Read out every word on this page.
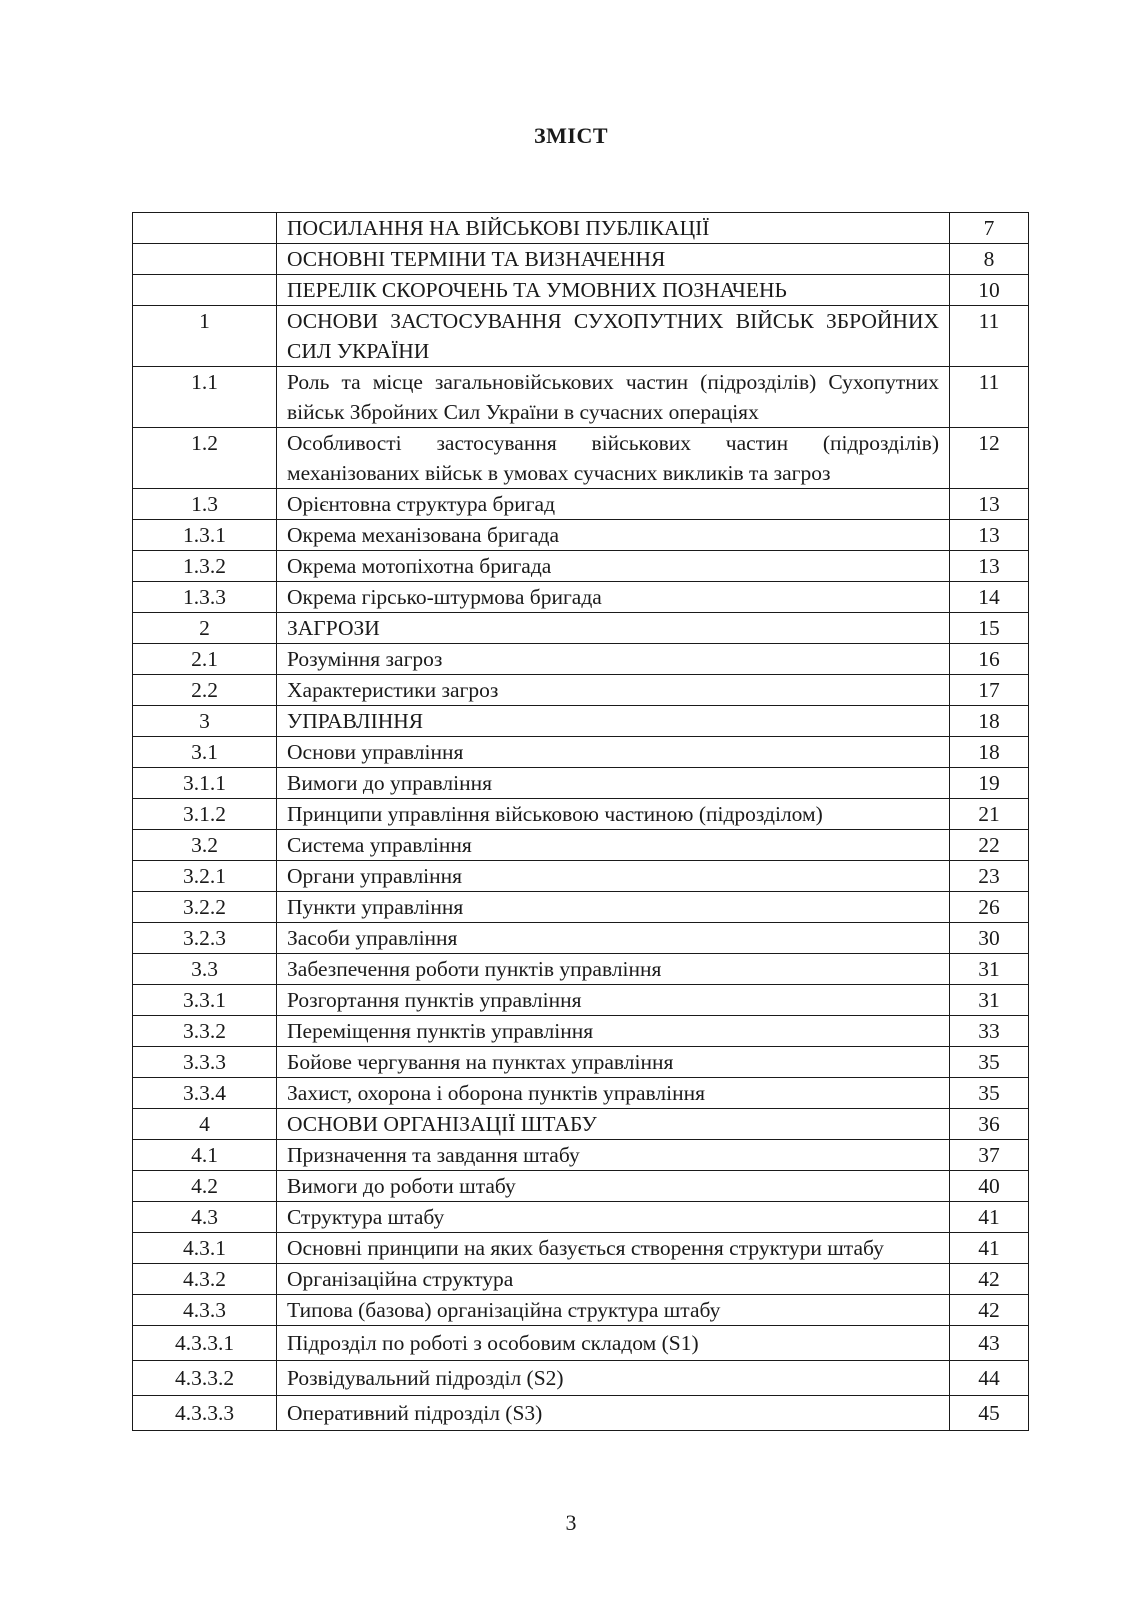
ЗМІСТ
	ПОСИЛАННЯ НА ВІЙСЬКОВІ ПУБЛІКАЦІЇ	7
	ОСНОВНІ ТЕРМІНИ ТА ВИЗНАЧЕННЯ	8
	ПЕРЕЛІК СКОРОЧЕНЬ ТА УМОВНИХ ПОЗНАЧЕНЬ	10
1	ОСНОВИ ЗАСТОСУВАННЯ СУХОПУТНИХ ВІЙСЬК ЗБРОЙНИХ СИЛ УКРАЇНИ	11
1.1	Роль та місце загальновійськових частин (підрозділів) Сухопутних військ Збройних Сил України в сучасних операціях	11
1.2	Особливості застосування військових частин (підрозділів) механізованих військ в умовах сучасних викликів та загроз	12
1.3	Орієнтовна структура бригад	13
1.3.1	Окрема механізована бригада	13
1.3.2	Окрема мотопіхотна бригада	13
1.3.3	Окрема гірсько-штурмова бригада	14
2	ЗАГРОЗИ	15
2.1	Розуміння загроз	16
2.2	Характеристики загроз	17
3	УПРАВЛІННЯ	18
3.1	Основи управління	18
3.1.1	Вимоги до управління	19
3.1.2	Принципи управління військовою частиною (підрозділом)	21
3.2	Система управління	22
3.2.1	Органи управління	23
3.2.2	Пункти управління	26
3.2.3	Засоби управління	30
3.3	Забезпечення роботи пунктів управління	31
3.3.1	Розгортання пунктів управління	31
3.3.2	Переміщення пунктів управління	33
3.3.3	Бойове чергування на пунктах управління	35
3.3.4	Захист, охорона і оборона пунктів управління	35
4	ОСНОВИ ОРГАНІЗАЦІЇ ШТАБУ	36
4.1	Призначення та завдання штабу	37
4.2	Вимоги до роботи штабу	40
4.3	Структура штабу	41
4.3.1	Основні принципи на яких базується створення структури штабу	41
4.3.2	Організаційна структура	42
4.3.3	Типова (базова) організаційна структура штабу	42
4.3.3.1	Підрозділ по роботі з особовим складом (S1)	43
4.3.3.2	Розвідувальний підрозділ (S2)	44
4.3.3.3	Оперативний підрозділ (S3)	45
3
